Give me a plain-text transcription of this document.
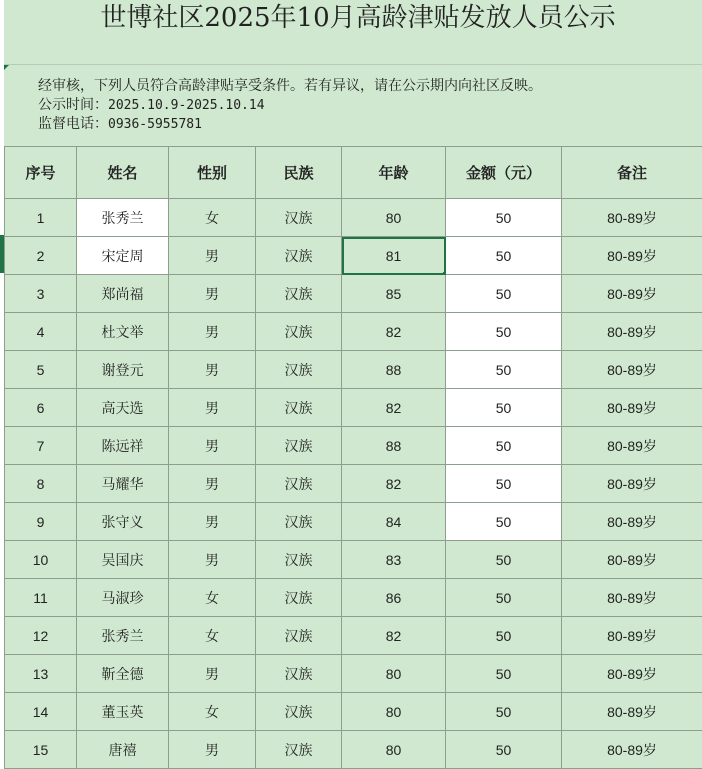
世博社区2025年10月高龄津贴发放人员公示
经审核，下列人员符合高龄津贴享受条件。若有异议，请在公示期内向社区反映。
公示时间：2025.10.9-2025.10.14
监督电话：0936-5955781
序号	姓名	性别	民族	年龄	金额（元）	备注
1	张秀兰	女	汉族	80	50	80-89岁
2	宋定周	男	汉族	81	50	80-89岁
3	郑尚福	男	汉族	85	50	80-89岁
4	杜文举	男	汉族	82	50	80-89岁
5	谢登元	男	汉族	88	50	80-89岁
6	高天选	男	汉族	82	50	80-89岁
7	陈远祥	男	汉族	88	50	80-89岁
8	马耀华	男	汉族	82	50	80-89岁
9	张守义	男	汉族	84	50	80-89岁
10	吴国庆	男	汉族	83	50	80-89岁
11	马淑珍	女	汉族	86	50	80-89岁
12	张秀兰	女	汉族	82	50	80-89岁
13	靳全德	男	汉族	80	50	80-89岁
14	董玉英	女	汉族	80	50	80-89岁
15	唐禧	男	汉族	80	50	80-89岁
